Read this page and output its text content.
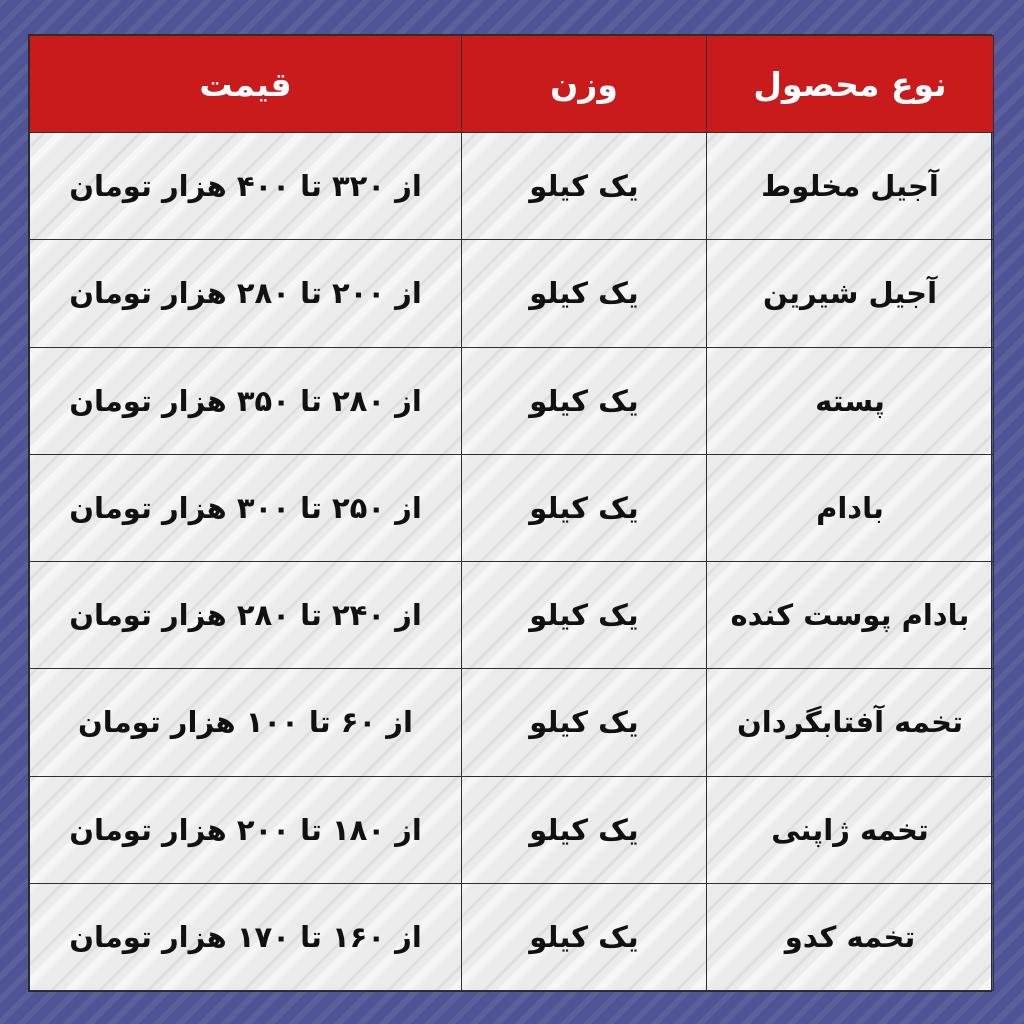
نوع محصول	وزن	قیمت
آجیل مخلوط	یک کیلو	از ۳۲۰ تا ۴۰۰ هزار تومان
آجیل شیرین	یک کیلو	از ۲۰۰ تا ۲۸۰ هزار تومان
پسته	یک کیلو	از ۲۸۰ تا ۳۵۰ هزار تومان
بادام	یک کیلو	از ۲۵۰ تا ۳۰۰ هزار تومان
بادام پوست کنده	یک کیلو	از ۲۴۰ تا ۲۸۰ هزار تومان
تخمه آفتابگردان	یک کیلو	از ۶۰ تا ۱۰۰ هزار تومان
تخمه ژاپنی	یک کیلو	از ۱۸۰ تا ۲۰۰ هزار تومان
تخمه کدو	یک کیلو	از ۱۶۰ تا ۱۷۰ هزار تومان
